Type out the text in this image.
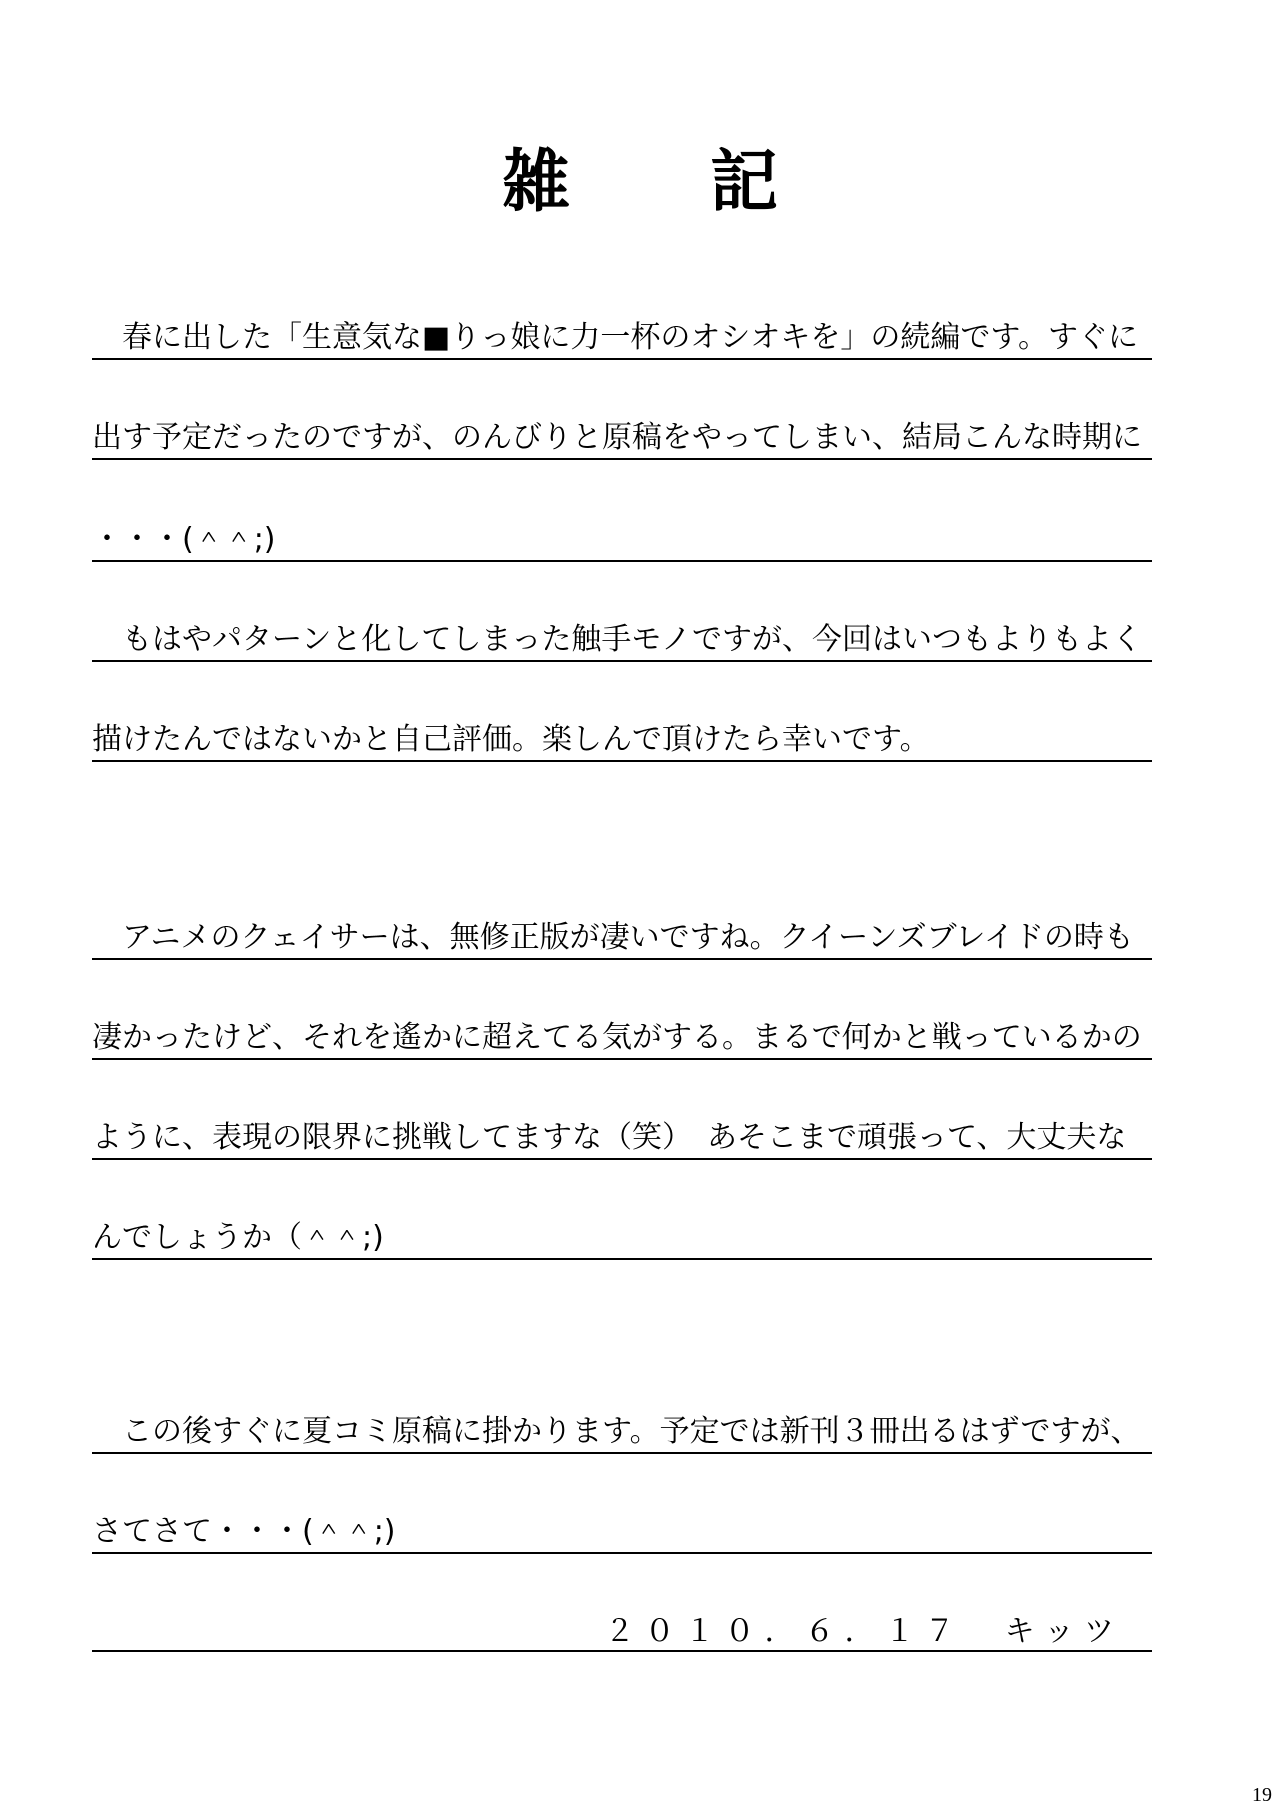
雑 記
　春に出した「生意気な■りっ娘に力一杯のオシオキを」の続編です。すぐに
出す予定だったのですが、のんびりと原稿をやってしまい、結局こんな時期に
・・・(＾＾;)
　もはやパターンと化してしまった触手モノですが、今回はいつもよりもよく
描けたんではないかと自己評価。楽しんで頂けたら幸いです。
　アニメのクェイサーは、無修正版が凄いですね。クイーンズブレイドの時も
凄かったけど、それを遙かに超えてる気がする。まるで何かと戦っているかの
ように、表現の限界に挑戦してますな（笑）　あそこまで頑張って、大丈夫な
んでしょうか（＾＾;)
　この後すぐに夏コミ原稿に掛かります。予定では新刊３冊出るはずですが、
さてさて・・・(＾＾;)
２０１０．６．１７　キッツ
19
